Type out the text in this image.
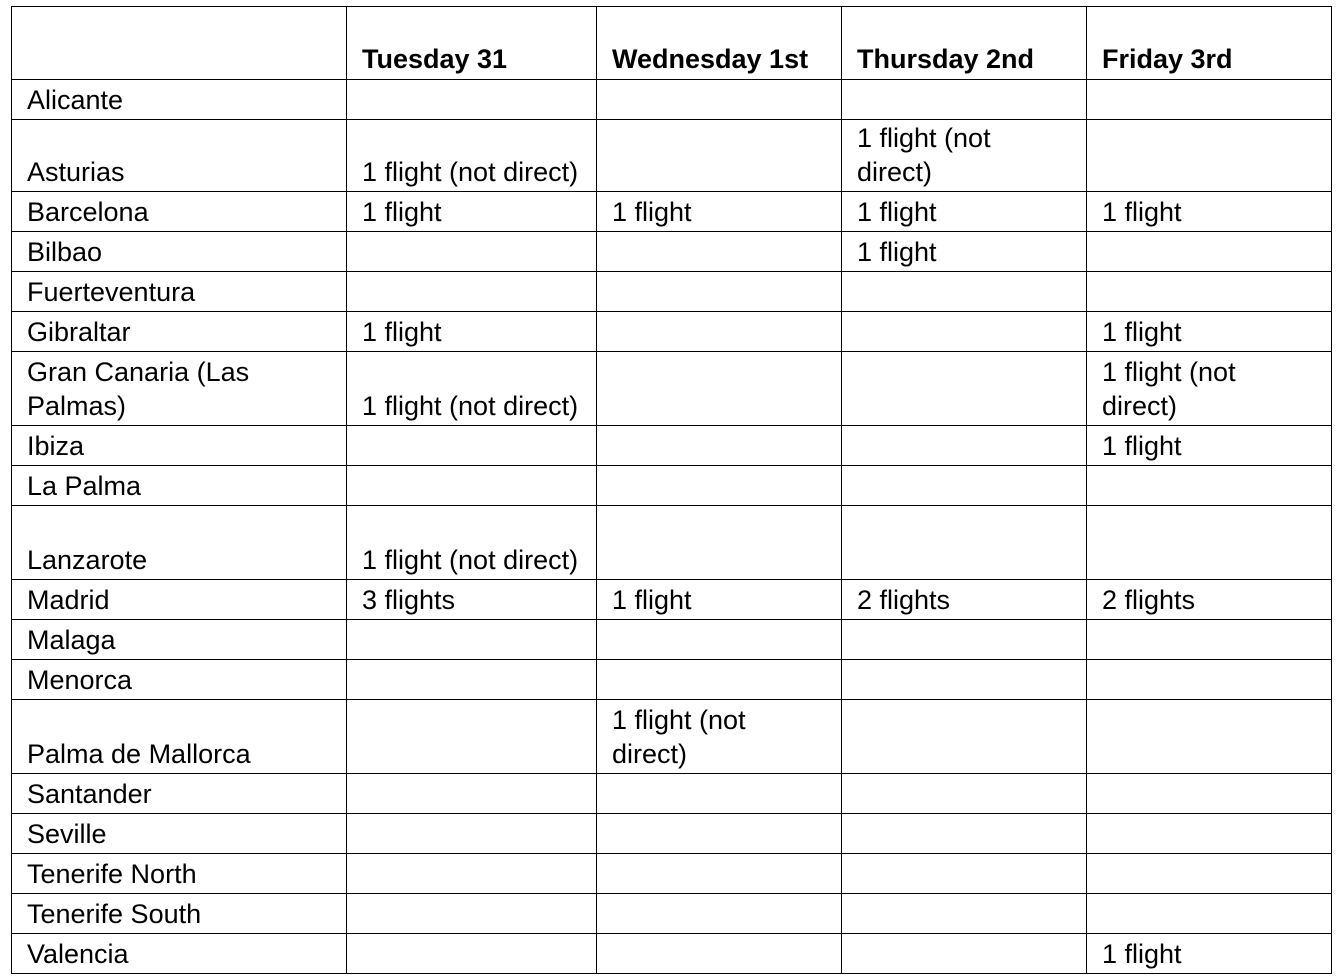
	Tuesday 31	Wednesday 1st	Thursday 2nd	Friday 3rd
Alicante				
Asturias	1 flight (not direct)		1 flight (not direct)	
Barcelona	1 flight	1 flight	1 flight	1 flight
Bilbao			1 flight	
Fuerteventura				
Gibraltar	1 flight			1 flight
Gran Canaria (Las Palmas)	1 flight (not direct)			1 flight (not direct)
Ibiza				1 flight
La Palma				
Lanzarote	1 flight (not direct)			
Madrid	3 flights	1 flight	2 flights	2 flights
Malaga				
Menorca				
Palma de Mallorca		1 flight (not direct)		
Santander				
Seville				
Tenerife North				
Tenerife South				
Valencia				1 flight
